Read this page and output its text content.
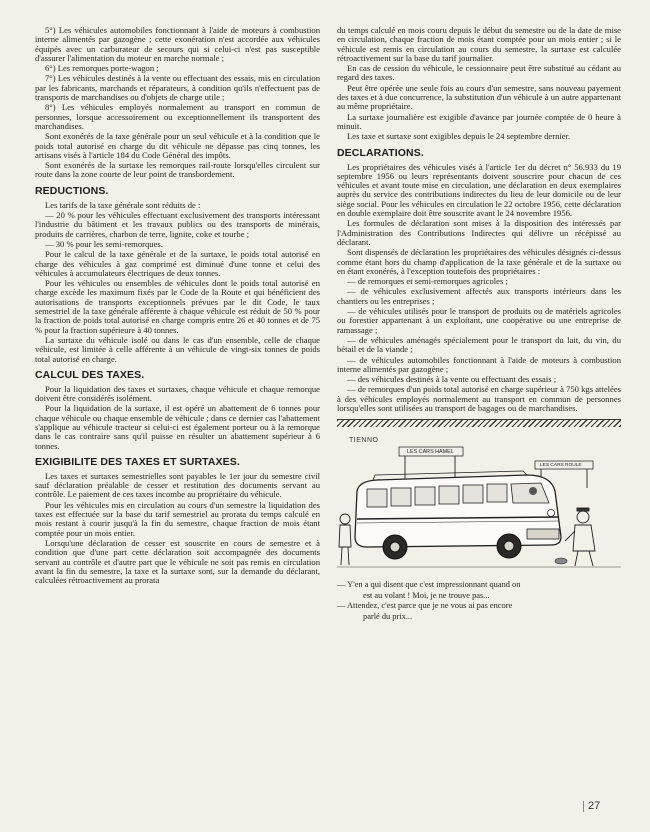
5°) Les véhicules automobiles fonctionnant à l'aide de moteurs à combustion interne alimentés par gazogène ; cette exonération n'est accordée aux véhicules équipés avec un carburateur de secours qui si celui-ci n'est pas susceptible d'assurer l'alimentation du moteur en marche normale ;

6°) Les remorques porte-wagon ;

7°) Les véhicules destinés à la vente ou effectuant des essais, mis en circulation par les fabricants, marchands et réparateurs, à condition qu'ils n'effectuent pas de transports de marchandises ou d'objets de charge utile ;

8°) Les véhicules employés normalement au transport en commun de personnes, lorsque accessoirement ou exceptionnellement ils transportent des marchandises.

Sont exonérés de la taxe générale pour un seul véhicule et à la condition que le poids total autorisé en charge du dit véhicule ne dépasse pas cinq tonnes, les artisans visés à l'article 184 du Code Général des impôts.

Sont exonérés de la surtaxe les remorques rail-route lorsqu'elles circulent sur route dans la zone courte de leur point de transbordement.

REDUCTIONS.

Les tarifs de la taxe générale sont réduits de :

— 20 % pour les véhicules effectuant exclusivement des transports intéressant l'industrie du bâtiment et les travaux publics ou des transports de minérais, produits de carrières, charbon de terre, lignite, coke et tourbe ;

— 30 % pour les semi-remorques.

Pour le calcul de la taxe générale et de la surtaxe, le poids total autorisé en charge des véhicules à gaz comprimé est diminué d'une tonne et celui des véhicules à accumulateurs électriques de deux tonnes.

Pour les véhicules ou ensembles de véhicules dont le poids total autorisé en charge excède les maximum fixés par le Code de la Route et qui bénéficient des autorisations de transports exceptionnels prévues par le dit Code, le taux semestriel de la taxe générale afférente à chaque véhicule est réduit de 50 % pour la fraction de poids total autorisé en charge compris entre 26 et 40 tonnes et de 75 % pour la fraction supérieure à 40 tonnes.

La surtaxe du véhicule isolé ou dans le cas d'un ensemble, celle de chaque véhicule, est limitée à celle afférente à un véhicule de vingt-six tonnes de poids total autorisé en charge.

CALCUL DES TAXES.

Pour la liquidation des taxes et surtaxes, chaque véhicule et chaque remorque doivent être considérés isolément.

Pour la liquidation de la surtaxe, il est opéré un abattement de 6 tonnes pour chaque véhicule ou chaque ensemble de véhicule ; dans ce dernier cas l'abattement s'applique au véhicule tracteur si celui-ci est également porteur ou à la remorque dans le cas contraire sans qu'il puisse en résulter un abattement supérieur à 6 tonnes.

EXIGIBILITE DES TAXES ET SURTAXES.

Les taxes et surtaxes semestrielles sont payables le 1er jour du semestre civil sauf déclaration préalable de cesser et restitution des documents servant au contrôle. Le paiement de ces taxes incombe au propriétaire du véhicule.

Pour les véhicules mis en circulation au cours d'un semestre la liquidation des taxes est effectuée sur la base du tarif semestriel au prorata du temps calculé en mois restant à courir jusqu'à la fin du semestre, chaque fraction de mois étant comptée pour un mois entier.

Lorsqu'une déclaration de cesser est souscrite en cours de semestre et à condition que d'une part cette déclaration soit accompagnée des documents servant au contrôle et d'autre part que le véhicule ne soit pas remis en circulation avant la fin du semestre, la taxe et la surtaxe sont, sur la demande du déclarant, calculées rétroactivement au prorata

du temps calculé en mois couru depuis le début du semestre ou de la date de mise en circulation, chaque fraction de mois étant comptée pour un mois entier ; si le véhicule est remis en circulation au cours du semestre, la surtaxe est calculée rétroactivement sur la base du tarif journalier.

En cas de cession du véhicule, le cessionnaire peut être substitué au cédant au regard des taxes.

Peut être opérée une seule fois au cours d'un semestre, sans nouveau payement des taxes et à due concurrence, la substitution d'un véhicule à un autre appartenant au même propriétaire.

La surtaxe journalière est exigible d'avance par journée comptée de 0 heure à minuit.

Les taxe et surtaxe sont exigibles depuis le 24 septembre dernier.

DECLARATIONS.

Les propriétaires des véhicules visés à l'article 1er du décret n° 56.933 du 19 septembre 1956 ou leurs représentants doivent souscrire pour chacun de ces véhicules et avant toute mise en circulation, une déclaration en deux exemplaires auprès du service des contributions indirectes du lieu de leur domicile ou de leur siège social. Pour les véhicules en circulation le 22 octobre 1956, cette déclaration en double exemplaire doit être souscrite avant le 24 novembre 1956.

Les formules de déclaration sont mises à la disposition des intéressés par l'Administration des Contributions Indirectes qui délivre un récépissé au déclarant.

Sont dispensés de déclaration les propriétaires des véhicules désignés ci-dessus comme étant hors du champ d'application de la taxe générale et de la surtaxe ou en étant exonérés, à l'exception toutefois des propriétaires :

— de remorques et semi-remorques agricoles ;

— de véhicules exclusivement affectés aux transports intérieurs dans les chantiers ou les entreprises ;

— de véhicules utilisés pour le transport de produits ou de matériels agricoles ou forestier appartenant à un exploitant, une coopérative ou une entreprise de ramassage ;

— de véhicules aménagés spécialement pour le transport du lait, du vin, du bétail et de la viande ;

— de véhicules automobiles fonctionnant à l'aide de moteurs à combustion interne alimentés par gazogène ;

— des véhicules destinés à la vente ou effectuant des essais ;

— de remorques d'un poids total autorisé en charge supérieur à 750 kgs attelées à des véhicules employés normalement au transport en commun de personnes lorsqu'elles sont utilisées au transport de bagages ou de marchandises.

TIENNO
LES CARS HAMEL
LES CARS ROULE

— Y'en a qui disent que c'est impressionnant quand on

est au volant ! Moi, je ne trouve pas...

— Attendez, c'est parce que je ne vous ai pas encore

parlé du prix...

27
